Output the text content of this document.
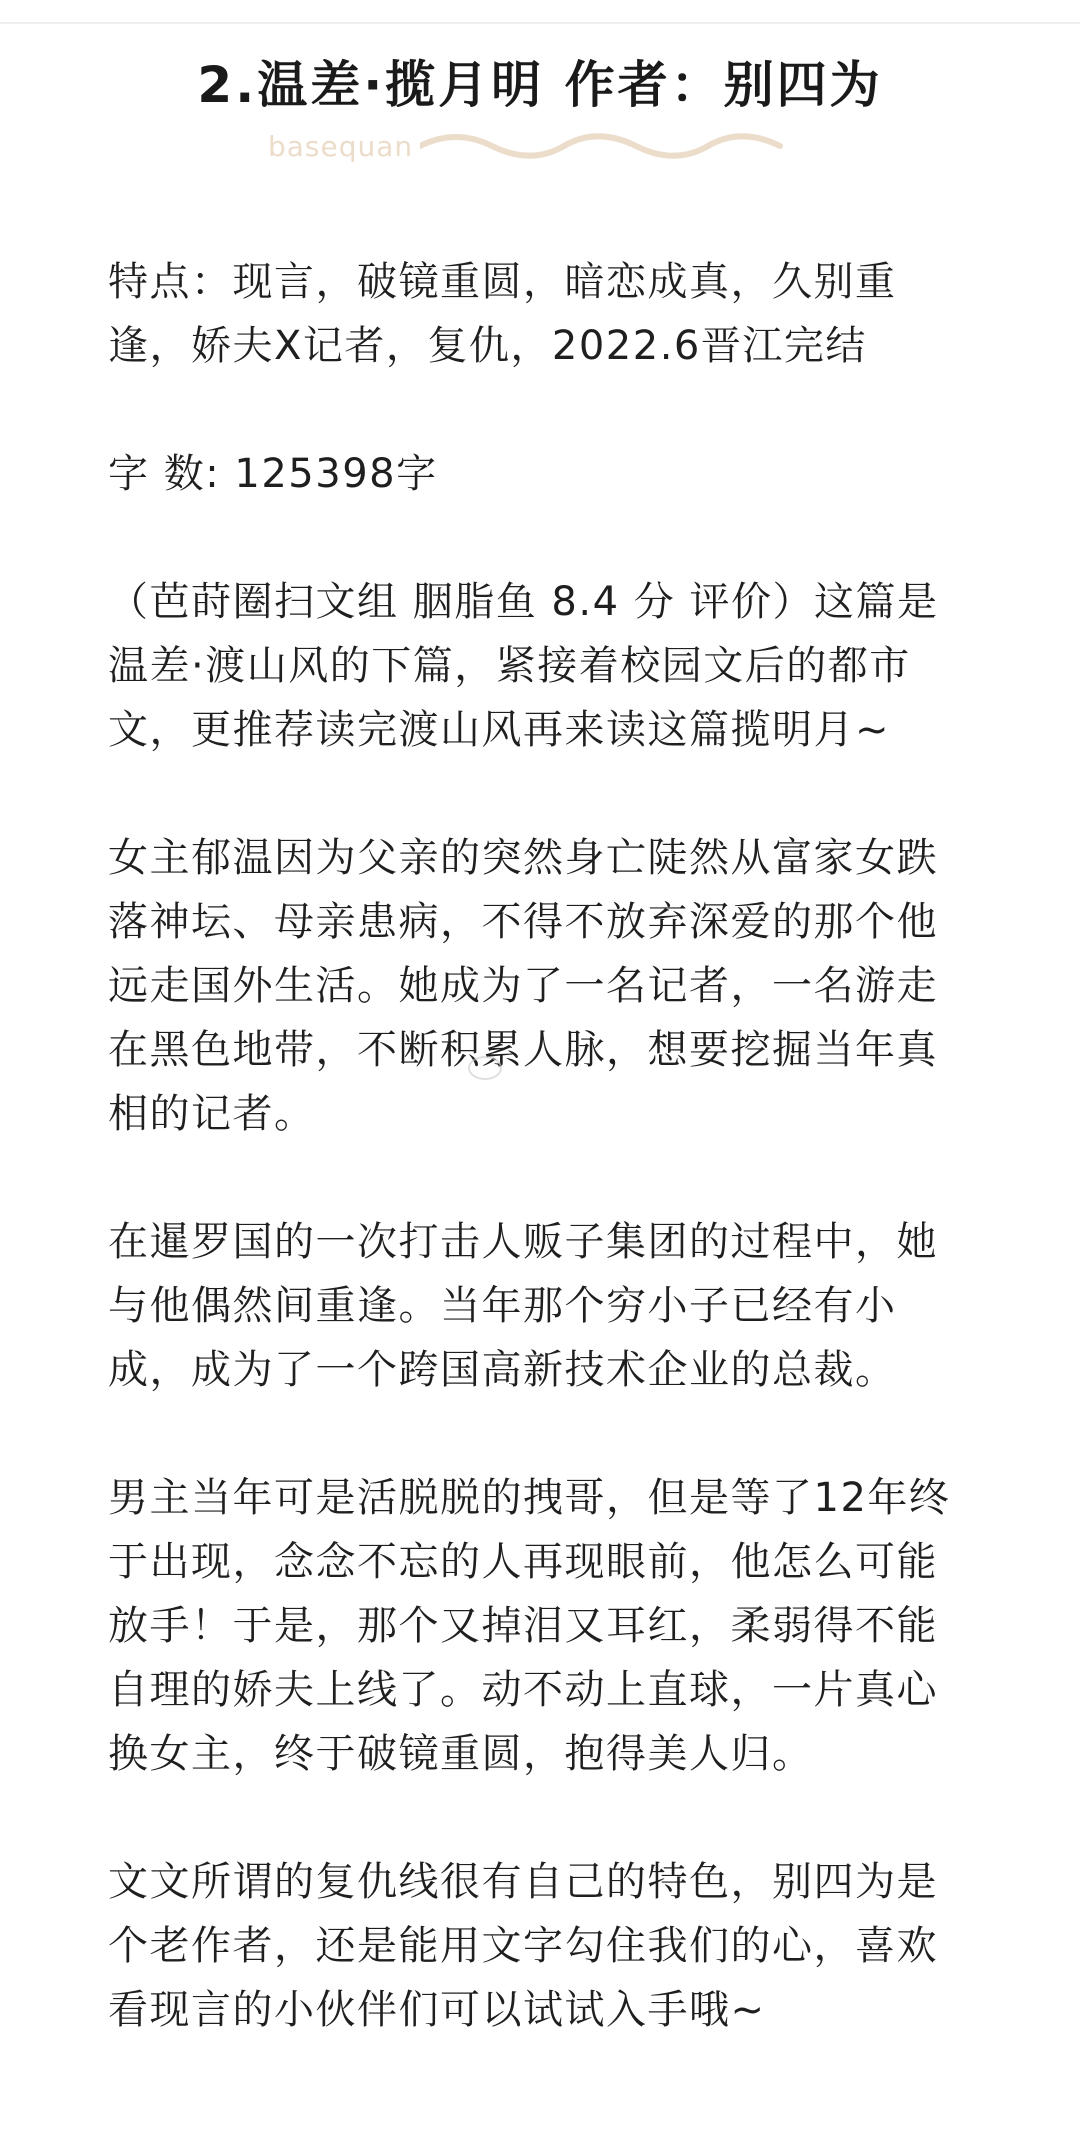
2.温差·揽月明 作者：别四为
basequan

特点：现言，破镜重圆，暗恋成真，久别重逢，娇夫X记者，复仇，2022.6晋江完结

字 数: 125398字

（芭莳圈扫文组 胭脂鱼 8.4 分 评价）这篇是温差·渡山风的下篇，紧接着校园文后的都市文，更推荐读完渡山风再来读这篇揽明月~

女主郁温因为父亲的突然身亡陡然从富家女跌落神坛、母亲患病，不得不放弃深爱的那个他远走国外生活。她成为了一名记者，一名游走在黑色地带，不断积累人脉，想要挖掘当年真相的记者。

在暹罗国的一次打击人贩子集团的过程中，她与他偶然间重逢。当年那个穷小子已经有小成，成为了一个跨国高新技术企业的总裁。

男主当年可是活脱脱的拽哥，但是等了12年终于出现，念念不忘的人再现眼前，他怎么可能放手！于是，那个又掉泪又耳红，柔弱得不能自理的娇夫上线了。动不动上直球，一片真心换女主，终于破镜重圆，抱得美人归。

文文所谓的复仇线很有自己的特色，别四为是个老作者，还是能用文字勾住我们的心，喜欢看现言的小伙伴们可以试试入手哦~
